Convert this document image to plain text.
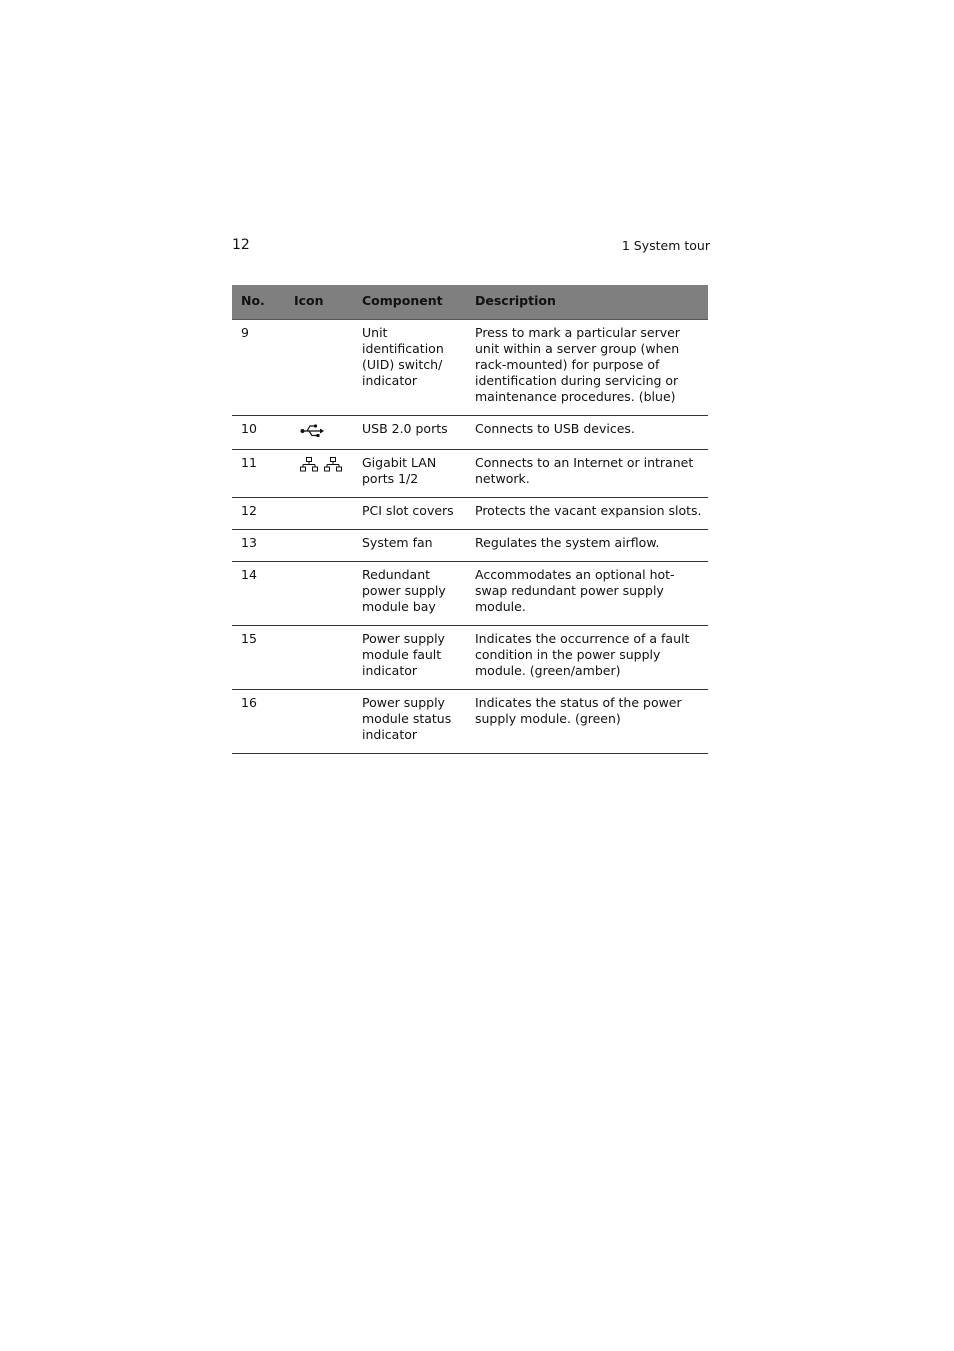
12	1 System tour
No.	Icon	Component	Description
9		Unit identification (UID) switch/ indicator	Press to mark a particular server unit within a server group (when rack-mounted) for purpose of identification during servicing or maintenance procedures. (blue)
10		USB 2.0 ports	Connects to USB devices.
11		Gigabit LAN ports 1/2	Connects to an Internet or intranet network.
12		PCI slot covers	Protects the vacant expansion slots.
13		System fan	Regulates the system airflow.
14		Redundant power supply module bay	Accommodates an optional hot-swap redundant power supply module.
15		Power supply module fault indicator	Indicates the occurrence of a fault condition in the power supply module. (green/amber)
16		Power supply module status indicator	Indicates the status of the power supply module. (green)
